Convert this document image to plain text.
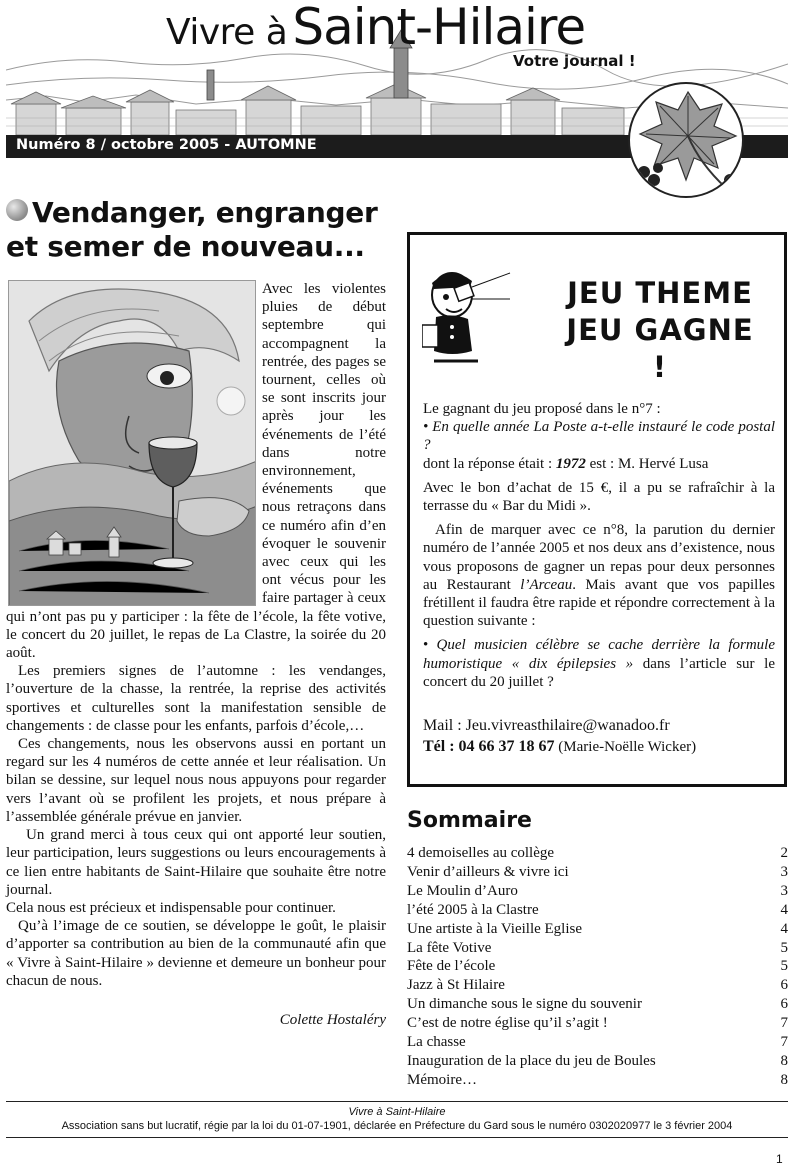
Vivre à Saint-Hilaire
Votre journal !
Numéro 8 / octobre 2005 - AUTOMNE
Vendanger, engranger
et semer de nouveau...

Avec les violentes pluies de début septembre qui accompagnent la rentrée, des pages se tournent, celles où se sont inscrits jour après jour les événements de l’été dans notre environnement, événements que nous retraçons dans ce numéro afin d’en évoquer le souvenir avec ceux qui les ont vécus pour les faire partager à ceux qui n’ont pas pu y participer : la fête de l’école, la fête votive, le concert du 20 juillet, le repas de La Clastre, la soirée du 20 août.

Les premiers signes de l’automne : les vendanges, l’ouverture de la chasse, la rentrée, la reprise des activités sportives et culturelles sont la manifestation sensible de changements : de classe pour les enfants, parfois d’école,…

Ces changements, nous les observons aussi en portant un regard sur les 4 numéros de cette année et leur réalisation. Un bilan se dessine, sur lequel nous nous appuyons pour regarder vers l’avant où se profilent les projets, et nous prépare à l’assemblée générale prévue en janvier.

Un grand merci à tous ceux qui ont apporté leur soutien, leur participation, leurs suggestions ou leurs encouragements à ce lien entre habitants de Saint-Hilaire que souhaite être notre journal.

Cela nous est précieux et indispensable pour continuer.

Qu’à l’image de ce soutien, se développe le goût, le plaisir d’apporter sa contribution au bien de la communauté afin que « Vivre à Saint-Hilaire » devienne et demeure un bonheur pour chacun de nous.

Colette Hostaléry
JEU THEME
JEU GAGNE !

Le gagnant du jeu proposé dans le n°7 :
• En quelle année La Poste a-t-elle instauré le code postal ?
dont la réponse était : 1972 est : M. Hervé Lusa

Avec le bon d’achat de 15 €, il a pu se rafraîchir à la terrasse du « Bar du Midi ».

Afin de marquer avec ce n°8, la parution du dernier numéro de l’année 2005 et nos deux ans d’existence, nous vous proposons de gagner un repas pour deux personnes au Restaurant l’Arceau. Mais avant que vos papilles frétillent il faudra être rapide et répondre correctement à la question suivante :

• Quel musicien célèbre se cache derrière la formule humoristique « dix épilepsies » dans l’article sur le concert du 20 juillet ?

Mail : Jeu.vivreasthilaire@wanadoo.fr
Tél : 04 66 37 18 67 (Marie-Noëlle Wicker)
Sommaire
4 demoiselles au collège	2
Venir d’ailleurs & vivre ici	3
Le Moulin d’Auro	3
l’été 2005 à la Clastre	4
Une artiste à la Vieille Eglise	4
La fête Votive	5
Fête de l’école	5
Jazz à St Hilaire	6
Un dimanche sous le signe du souvenir	6
C’est de notre église qu’il s’agit !	7
La chasse	7
Inauguration de la place du jeu de Boules	8
Mémoire…	8
Vivre à Saint-Hilaire
Association sans but lucratif, régie par la loi du 01-07-1901, déclarée en Préfecture du Gard sous le numéro 0302020977 le 3 février 2004
1
